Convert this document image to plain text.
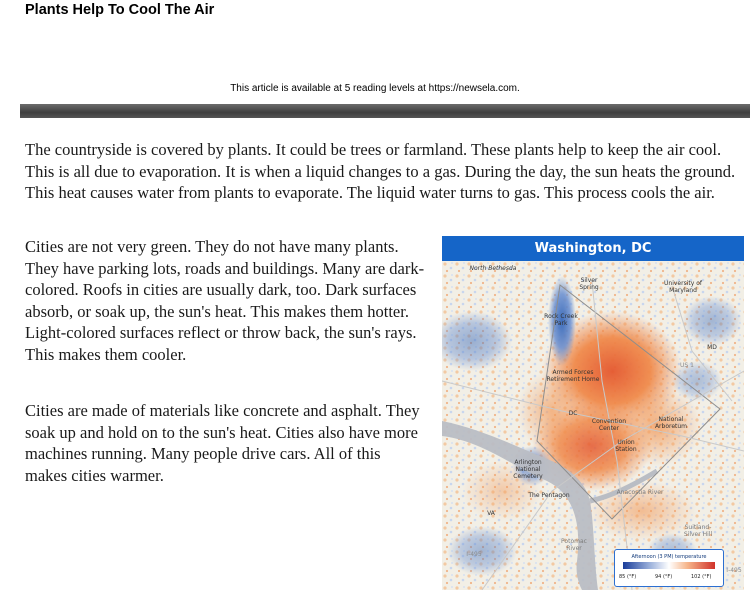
Plants Help To Cool The Air
This article is available at 5 reading levels at https://newsela.com.

The countryside is covered by plants. It could be trees or farmland. These plants help to keep the air cool. This is all due to evaporation. It is when a liquid changes to a gas. During the day, the sun heats the ground. This heat causes water from plants to evaporate. The liquid water turns to gas. This process cools the air.

Cities are not very green. They do not have many plants. They have parking lots, roads and buildings. Many are dark-colored. Roofs in cities are usually dark, too. Dark surfaces absorb, or soak up, the sun's heat. This makes them hotter. Light-colored surfaces reflect or throw back, the sun's rays. This makes them cooler.

Cities are made of materials like concrete and asphalt. They soak up and hold on to the sun's heat. Cities also have more machines running. Many people drive cars. All of this makes cities warmer.

Washington, DC
North Bethesda
Silver Spring
University of Maryland
Rock Creek Park
MD
US 1
Armed Forces Retirement Home
DC
Convention Center
National Arboretum
Union Station
Arlington National Cemetery
The Pentagon	Anacostia River
VA
Potomac River
Suitland-Silver Hill
I-495
I-495
Afternoon (3 PM) temperature
85 (°F)	94 (°F)	102 (°F)
